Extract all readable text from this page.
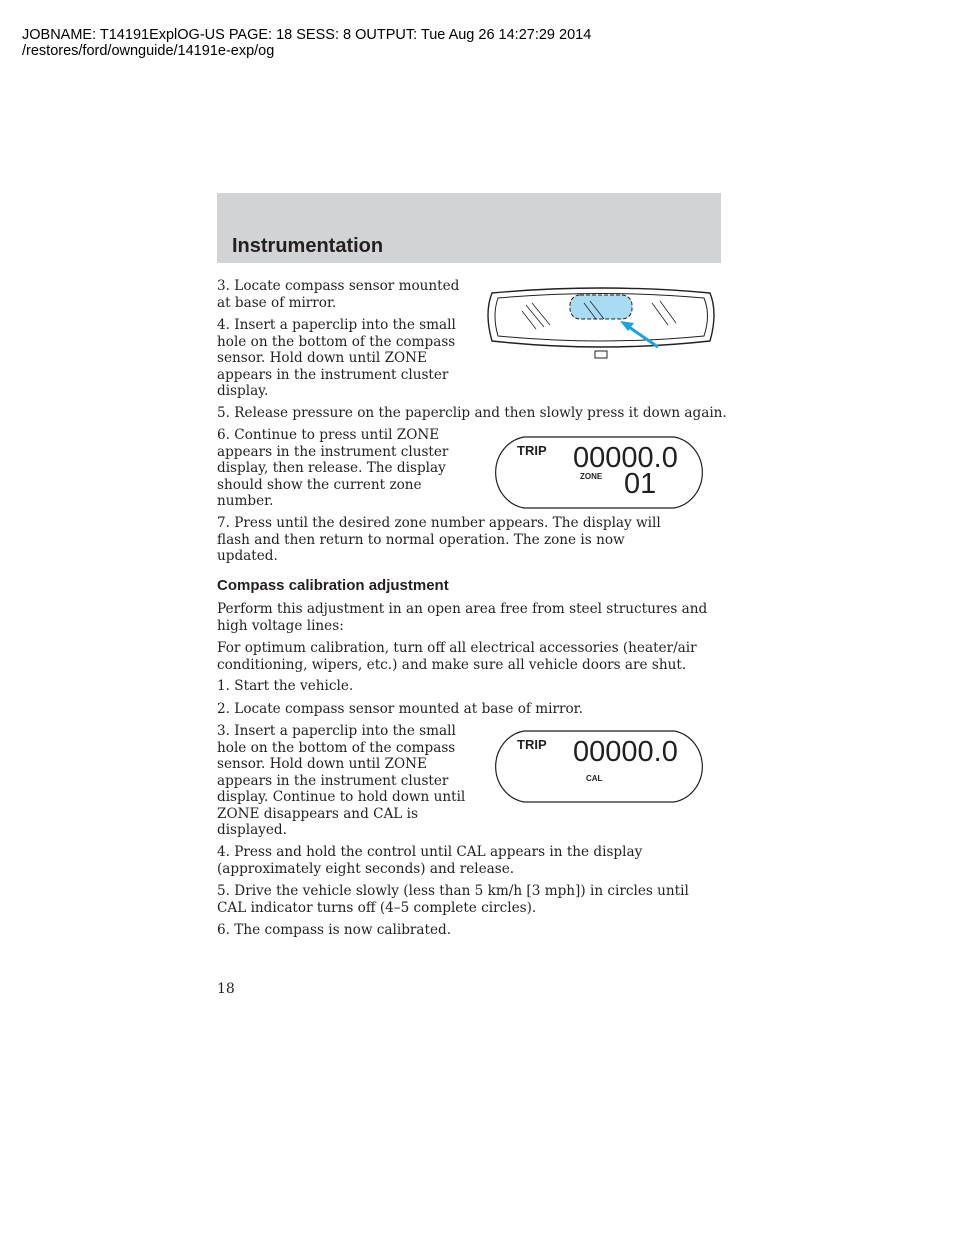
JOBNAME: T14191ExplOG-US PAGE: 18 SESS: 8 OUTPUT: Tue Aug 26 14:27:29 2014
/restores/ford/ownguide/14191e-exp/og
Instrumentation
3. Locate compass sensor mounted at base of mirror.
4. Insert a paperclip into the small hole on the bottom of the compass sensor. Hold down until ZONE appears in the instrument cluster display.
5. Release pressure on the paperclip and then slowly press it down again.
6. Continue to press until ZONE appears in the instrument cluster display, then release. The display should show the current zone number.
7. Press until the desired zone number appears. The display will flash and then return to normal operation. The zone is now updated.
TRIP 00000.0
ZONE 01
Compass calibration adjustment
Perform this adjustment in an open area free from steel structures and high voltage lines:
For optimum calibration, turn off all electrical accessories (heater/air conditioning, wipers, etc.) and make sure all vehicle doors are shut.
1. Start the vehicle.
2. Locate compass sensor mounted at base of mirror.
3. Insert a paperclip into the small hole on the bottom of the compass sensor. Hold down until ZONE appears in the instrument cluster display. Continue to hold down until ZONE disappears and CAL is displayed.
4. Press and hold the control until CAL appears in the display (approximately eight seconds) and release.
5. Drive the vehicle slowly (less than 5 km/h [3 mph]) in circles until CAL indicator turns off (4–5 complete circles).
6. The compass is now calibrated.
TRIP 00000.0
CAL
18
